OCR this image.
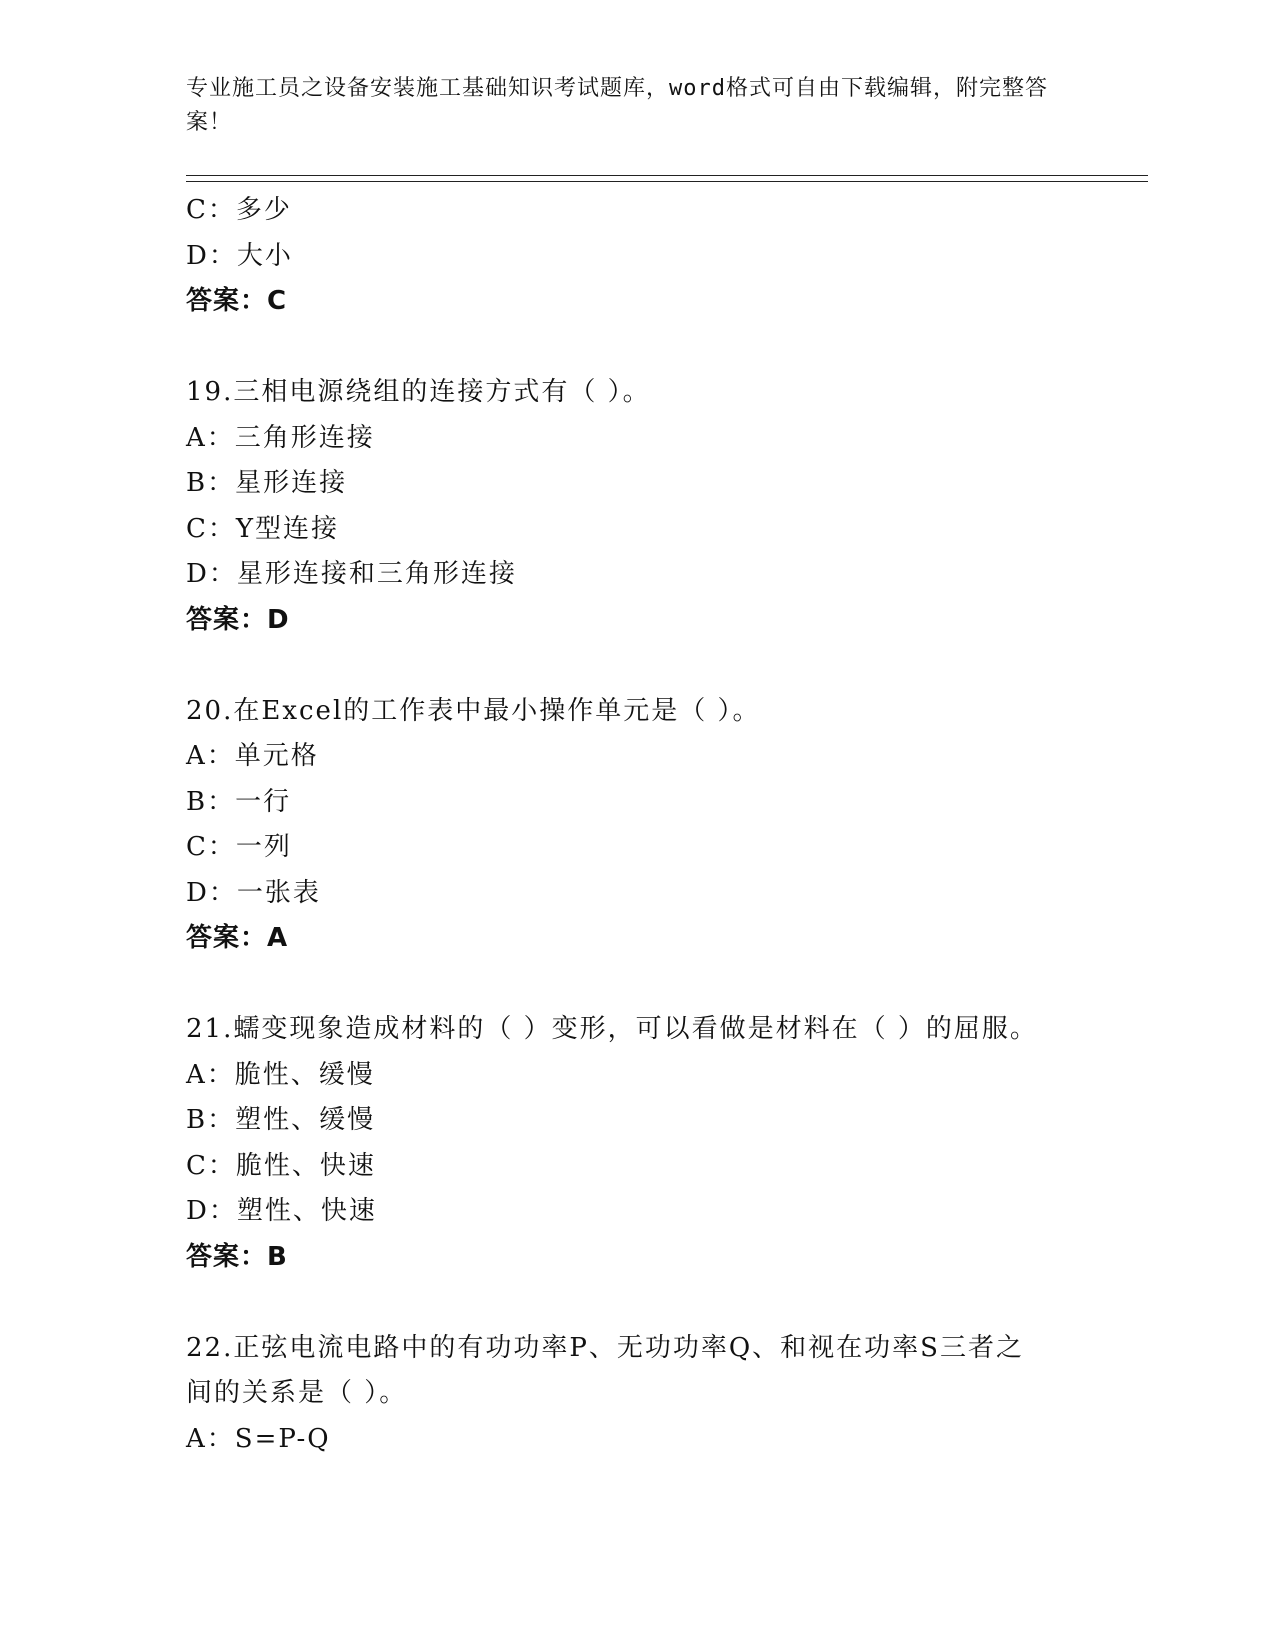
专业施工员之设备安装施工基础知识考试题库，word格式可自由下载编辑，附完整答案！
C：多少
D：大小
答案：C
19.三相电源绕组的连接方式有（ ）。
A：三角形连接
B：星形连接
C：Y型连接
D：星形连接和三角形连接
答案：D
20.在Excel的工作表中最小操作单元是（ ）。
A：单元格
B：一行
C：一列
D：一张表
答案：A
21.蠕变现象造成材料的（ ）变形，可以看做是材料在（ ）的屈服。
A：脆性、缓慢
B：塑性、缓慢
C：脆性、快速
D：塑性、快速
答案：B
22.正弦电流电路中的有功功率P、无功功率Q、和视在功率S三者之
间的关系是（ ）。
A：S=P-Q
